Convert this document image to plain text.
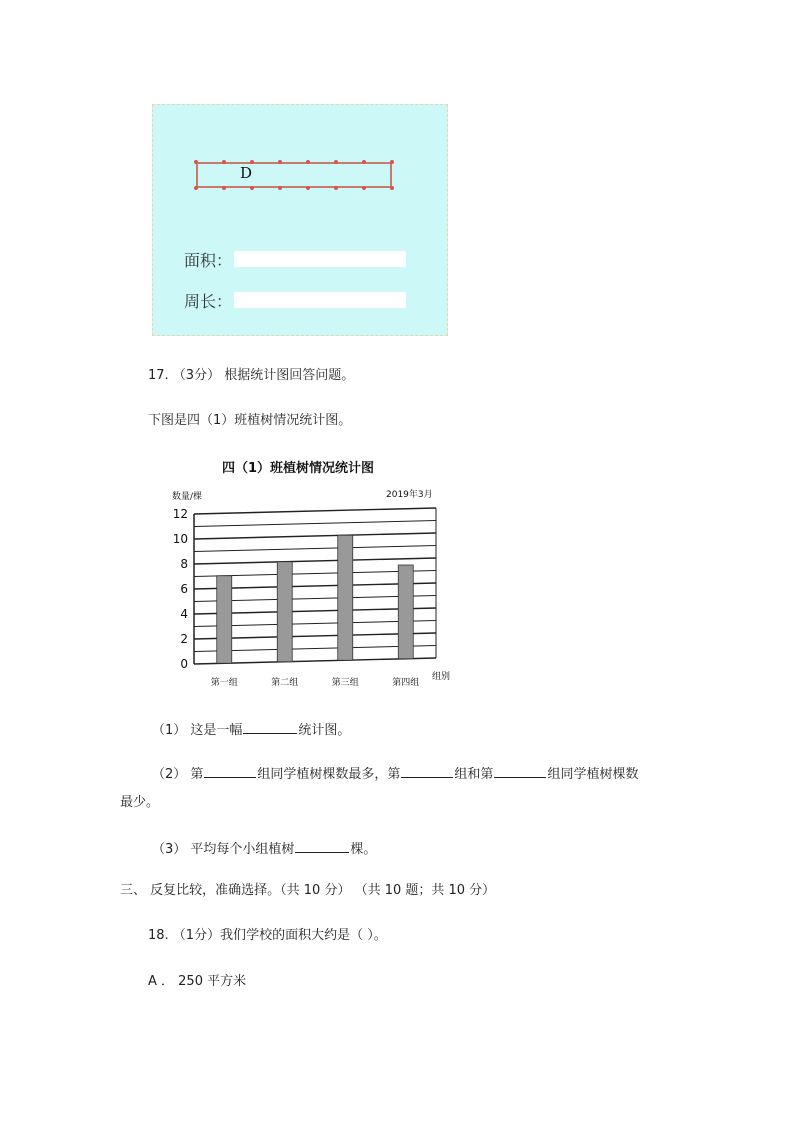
D
面积：
周长：
17. （3分） 根据统计图回答问题。
下图是四（1）班植树情况统计图。
四（1）班植树情况统计图
数量/棵	2019年3月
组别
0
2
4
6
8
10
12
第一组	第二组	第三组	第四组
（1） 这是一幅	统计图。
（2） 第	组同学植树棵数最多，第	组和第	组同学植树棵数
最少。
（3） 平均每个小组植树	棵。
三、 反复比较，准确选择。（共 10 分） （共 10 题；共 10 分）
18. （1分）我们学校的面积大约是（ ）。
A ． 250 平方米
